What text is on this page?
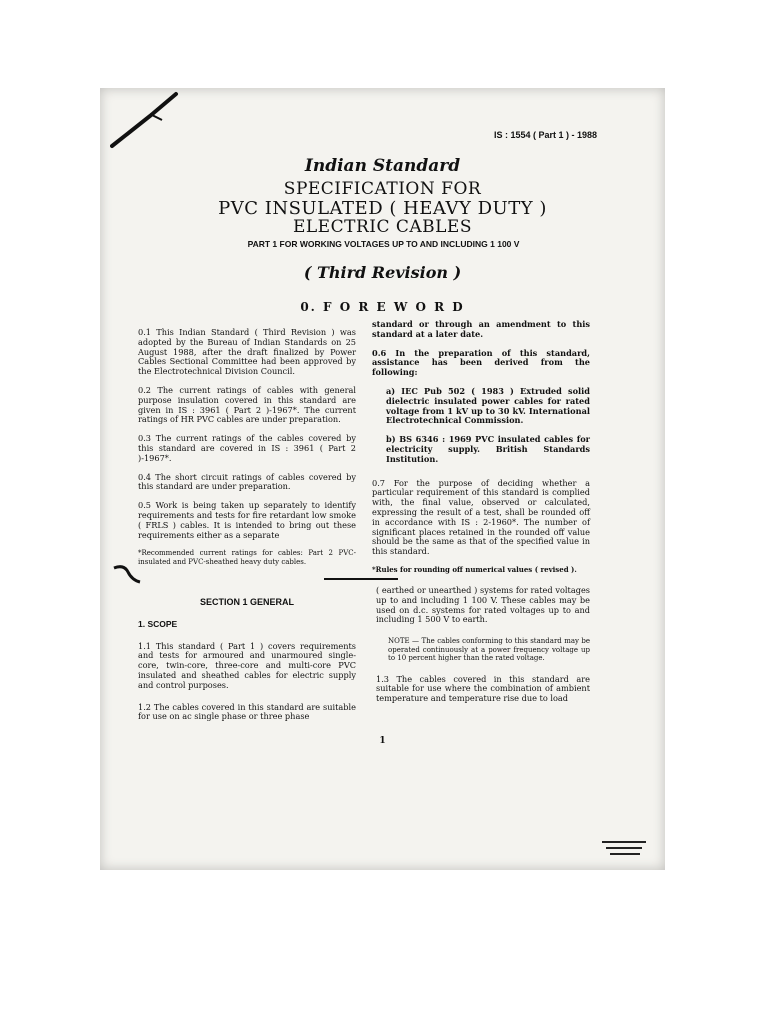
IS : 1554 ( Part 1 ) - 1988
Indian Standard
SPECIFICATION FOR
PVC INSULATED ( HEAVY DUTY )
ELECTRIC CABLES
PART 1 FOR WORKING VOLTAGES UP TO AND INCLUDING 1 100 V
( Third Revision )
0. F O R E W O R D

0.1 This Indian Standard ( Third Revision ) was adopted by the Bureau of Indian Standards on 25 August 1988, after the draft finalized by Power Cables Sectional Committee had been approved by the Electrotechnical Division Council.

0.2 The current ratings of cables with general purpose insulation covered in this standard are given in IS : 3961 ( Part 2 )-1967*. The current ratings of HR PVC cables are under preparation.

0.3 The current ratings of the cables covered by this standard are covered in IS : 3961 ( Part 2 )-1967*.

0.4 The short circuit ratings of cables covered by this standard are under preparation.

0.5 Work is being taken up separately to identify requirements and tests for fire retardant low smoke ( FRLS ) cables. It is intended to bring out these requirements either as a separate

*Recommended current ratings for cables: Part 2 PVC-insulated and PVC-sheathed heavy duty cables.

standard or through an amendment to this standard at a later date.

0.6 In the preparation of this standard, assistance has been derived from the following:

a) IEC Pub 502 ( 1983 ) Extruded solid dielectric insulated power cables for rated voltage from 1 kV up to 30 kV. International Electrotechnical Commission.

b) BS 6346 : 1969 PVC insulated cables for electricity supply. British Standards Institution.

0.7 For the purpose of deciding whether a particular requirement of this standard is complied with, the final value, observed or calculated, expressing the result of a test, shall be rounded off in accordance with IS : 2-1960*. The number of significant places retained in the rounded off value should be the same as that of the specified value in this standard.

*Rules for rounding off numerical values ( revised ).

SECTION 1 GENERAL

1. SCOPE

1.1 This standard ( Part 1 ) covers requirements and tests for armoured and unarmoured single-core, twin-core, three-core and multi-core PVC insulated and sheathed cables for electric supply and control purposes.

1.2 The cables covered in this standard are suitable for use on ac single phase or three phase

( earthed or unearthed ) systems for rated voltages up to and including 1 100 V. These cables may be used on d.c. systems for rated voltages up to and including 1 500 V to earth.

NOTE — The cables conforming to this standard may be operated continuously at a power frequency voltage up to 10 percent higher than the rated voltage.

1.3 The cables covered in this standard are suitable for use where the combination of ambient temperature and temperature rise due to load

1
